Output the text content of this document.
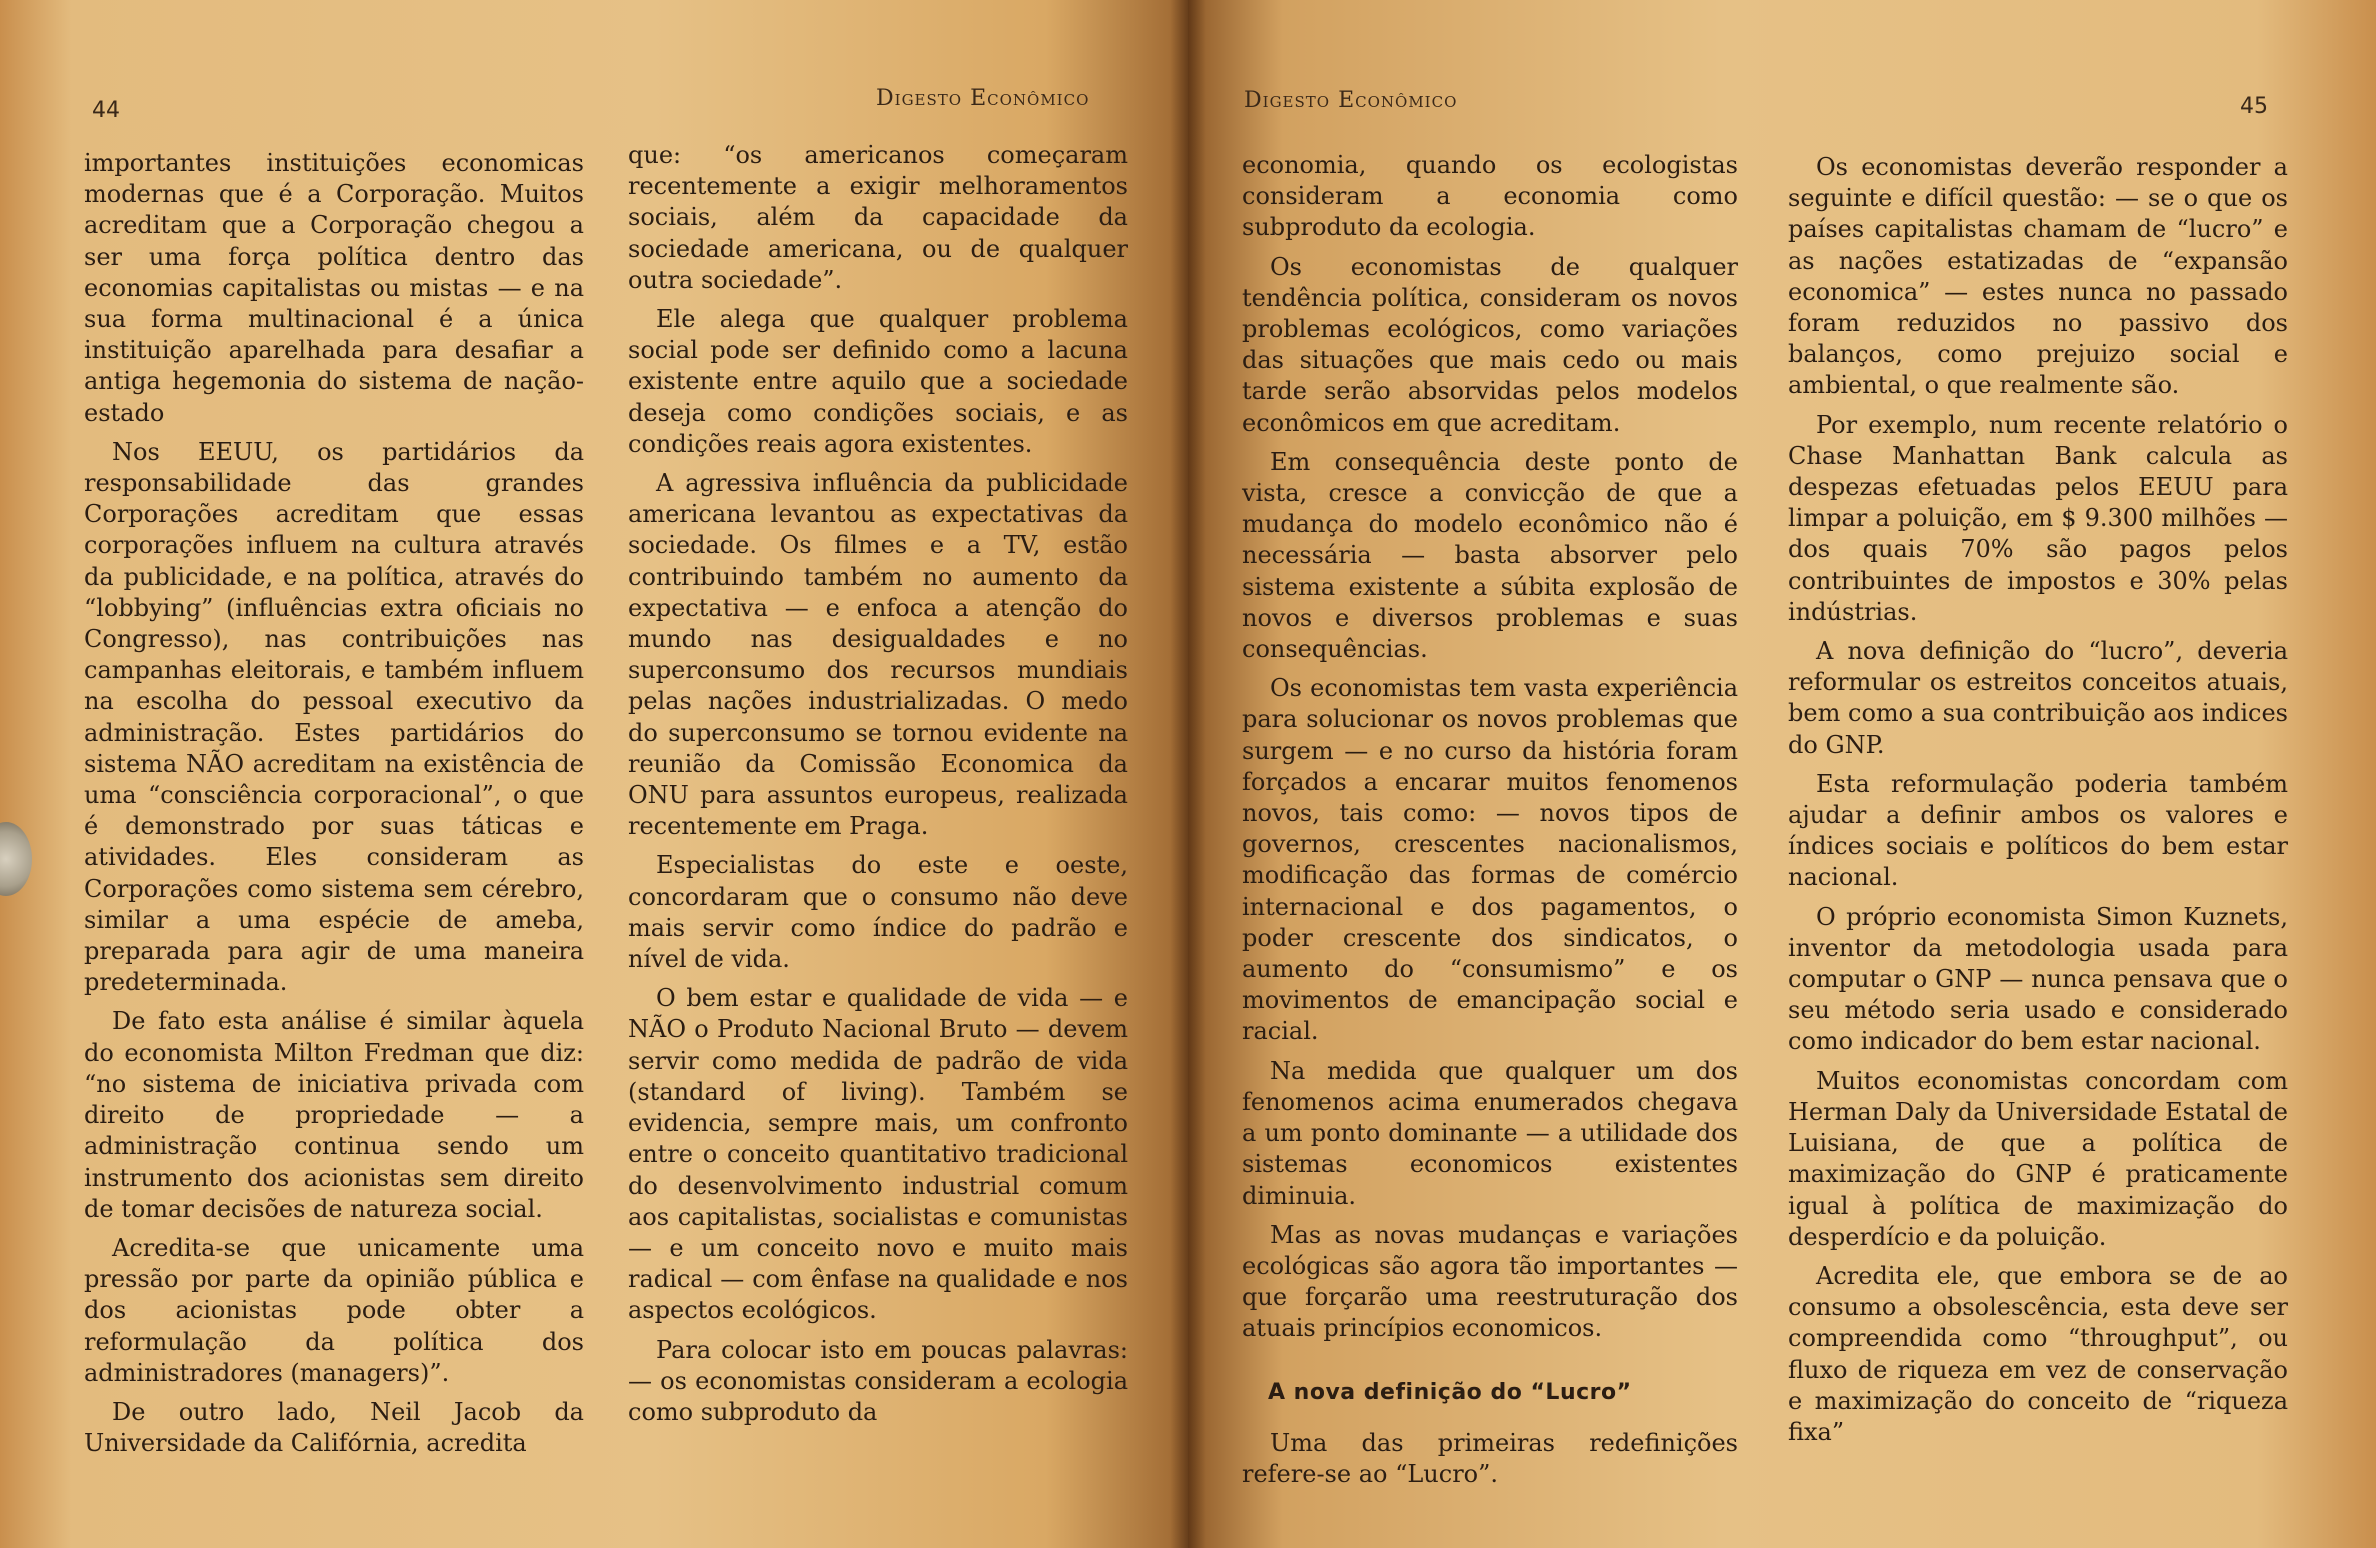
44	Digesto Econômico

importantes instituições economicas modernas que é a Corporação. Muitos acreditam que a Corporação chegou a ser uma força política dentro das economias capitalistas ou mistas — e na sua forma multinacional é a única instituição aparelhada para desafiar a antiga hegemonia do sistema de nação-estado

Nos EEUU, os partidários da responsabilidade das grandes Corporações acreditam que essas corporações influem na cultura através da publicidade, e na política, através do “lobbying” (influências extra oficiais no Congresso), nas contribuições nas campanhas eleitorais, e também influem na escolha do pessoal executivo da administração. Estes partidários do sistema NÃO acreditam na existência de uma “consciência corporacional”, o que é demonstrado por suas táticas e atividades. Eles consideram as Corporações como sistema sem cérebro, similar a uma espécie de ameba, preparada para agir de uma maneira predeterminada.

De fato esta análise é similar àquela do economista Milton Fredman que diz: “no sistema de iniciativa privada com direito de propriedade — a administração continua sendo um instrumento dos acionistas sem direito de tomar decisões de natureza social.

Acredita-se que unicamente uma pressão por parte da opinião pública e dos acionistas pode obter a reformulação da política dos administradores (managers)”.

De outro lado, Neil Jacob da Universidade da Califórnia, acredita

que: “os americanos começaram recentemente a exigir melhoramentos sociais, além da capacidade da sociedade americana, ou de qualquer outra sociedade”.

Ele alega que qualquer problema social pode ser definido como a lacuna existente entre aquilo que a sociedade deseja como condições sociais, e as condições reais agora existentes.

A agressiva influência da publicidade americana levantou as expectativas da sociedade. Os filmes e a TV, estão contribuindo também no aumento da expectativa — e enfoca a atenção do mundo nas desigualdades e no superconsumo dos recursos mundiais pelas nações industrializadas. O medo do superconsumo se tornou evidente na reunião da Comissão Economica da ONU para assuntos europeus, realizada recentemente em Praga.

Especialistas do este e oeste, concordaram que o consumo não deve mais servir como índice do padrão e nível de vida.

O bem estar e qualidade de vida — e NÃO o Produto Nacional Bruto — devem servir como medida de padrão de vida (standard of living). Também se evidencia, sempre mais, um confronto entre o conceito quantitativo tradicional do desenvolvimento industrial comum aos capitalistas, socialistas e comunistas — e um conceito novo e muito mais radical — com ênfase na qualidade e nos aspectos ecológicos.

Para colocar isto em poucas palavras: — os economistas consideram a ecologia como subproduto da

Digesto Econômico	45

economia, quando os ecologistas consideram a economia como subproduto da ecologia.

Os economistas de qualquer tendência política, consideram os novos problemas ecológicos, como variações das situações que mais cedo ou mais tarde serão absorvidas pelos modelos econômicos em que acreditam.

Em consequência deste ponto de vista, cresce a convicção de que a mudança do modelo econômico não é necessária — basta absorver pelo sistema existente a súbita explosão de novos e diversos problemas e suas consequências.

Os economistas tem vasta experiência para solucionar os novos problemas que surgem — e no curso da história foram forçados a encarar muitos fenomenos novos, tais como: — novos tipos de governos, crescentes nacionalismos, modificação das formas de comércio internacional e dos pagamentos, o poder crescente dos sindicatos, o aumento do “consumismo” e os movimentos de emancipação social e racial.

Na medida que qualquer um dos fenomenos acima enumerados chegava a um ponto dominante — a utilidade dos sistemas economicos existentes diminuia.

Mas as novas mudanças e variações ecológicas são agora tão importantes — que forçarão uma reestruturação dos atuais princípios economicos.

A nova definição do “Lucro”

Uma das primeiras redefinições refere-se ao “Lucro”.

Os economistas deverão responder a seguinte e difícil questão: — se o que os países capitalistas chamam de “lucro” e as nações estatizadas de “expansão economica” — estes nunca no passado foram reduzidos no passivo dos balanços, como prejuizo social e ambiental, o que realmente são.

Por exemplo, num recente relatório o Chase Manhattan Bank calcula as despezas efetuadas pelos EEUU para limpar a poluição, em $ 9.300 milhões — dos quais 70% são pagos pelos contribuintes de impostos e 30% pelas indústrias.

A nova definição do “lucro”, deveria reformular os estreitos conceitos atuais, bem como a sua contribuição aos indices do GNP.

Esta reformulação poderia também ajudar a definir ambos os valores e índices sociais e políticos do bem estar nacional.

O próprio economista Simon Kuznets, inventor da metodologia usada para computar o GNP — nunca pensava que o seu método seria usado e considerado como indicador do bem estar nacional.

Muitos economistas concordam com Herman Daly da Universidade Estatal de Luisiana, de que a política de maximização do GNP é praticamente igual à política de maximização do desperdício e da poluição.

Acredita ele, que embora se de ao consumo a obsolescência, esta deve ser compreendida como “throughput”, ou fluxo de riqueza em vez de conservação e maximização do conceito de “riqueza fixa”
